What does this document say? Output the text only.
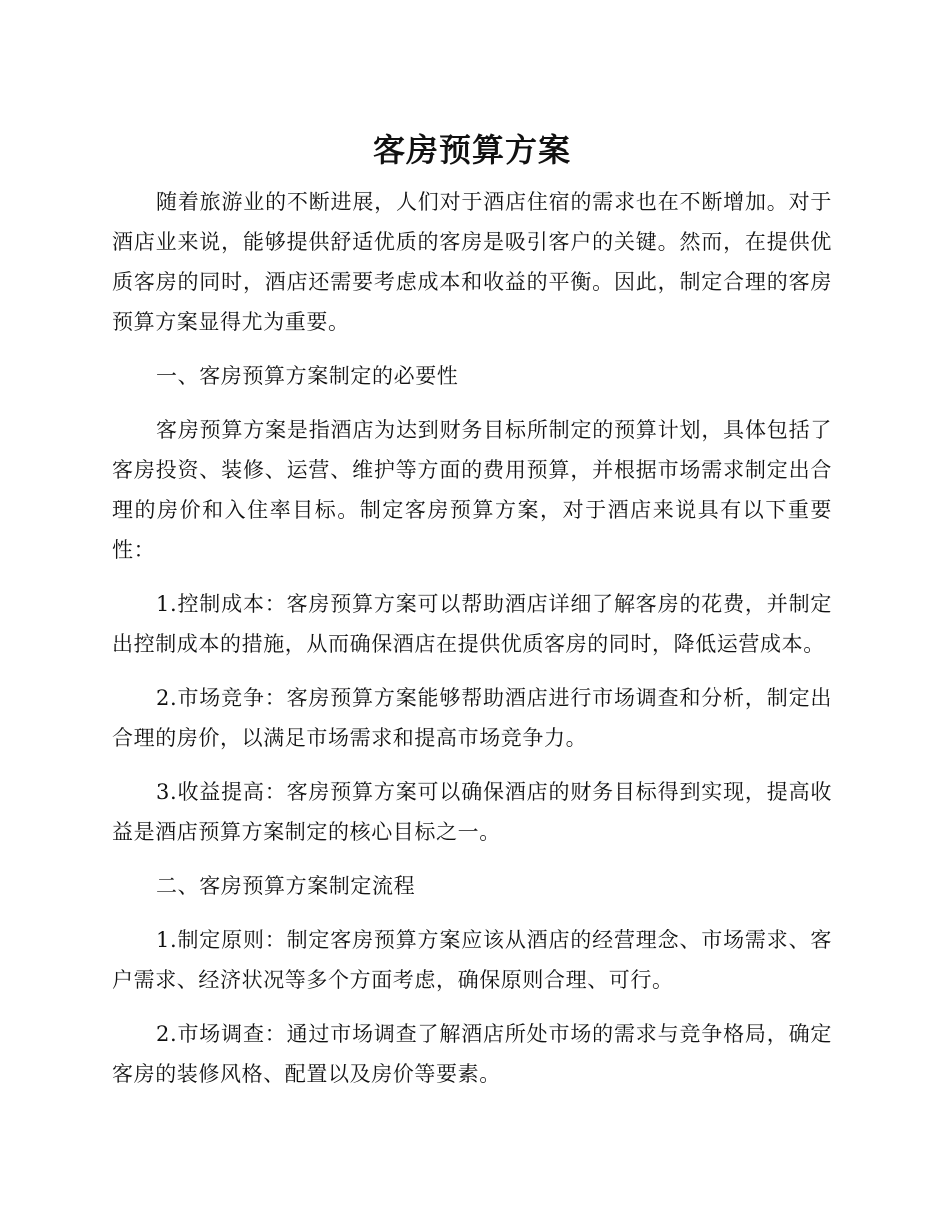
客房预算方案

随着旅游业的不断进展，人们对于酒店住宿的需求也在不断增加。对于酒店业来说，能够提供舒适优质的客房是吸引客户的关键。然而，在提供优质客房的同时，酒店还需要考虑成本和收益的平衡。因此，制定合理的客房预算方案显得尤为重要。

一、客房预算方案制定的必要性

客房预算方案是指酒店为达到财务目标所制定的预算计划，具体包括了客房投资、装修、运营、维护等方面的费用预算，并根据市场需求制定出合理的房价和入住率目标。制定客房预算方案，对于酒店来说具有以下重要性：

1.控制成本：客房预算方案可以帮助酒店详细了解客房的花费，并制定出控制成本的措施，从而确保酒店在提供优质客房的同时，降低运营成本。

2.市场竞争：客房预算方案能够帮助酒店进行市场调查和分析，制定出合理的房价，以满足市场需求和提高市场竞争力。

3.收益提高：客房预算方案可以确保酒店的财务目标得到实现，提高收益是酒店预算方案制定的核心目标之一。

二、客房预算方案制定流程

1.制定原则：制定客房预算方案应该从酒店的经营理念、市场需求、客户需求、经济状况等多个方面考虑，确保原则合理、可行。

2.市场调查：通过市场调查了解酒店所处市场的需求与竞争格局，确定客房的装修风格、配置以及房价等要素。
